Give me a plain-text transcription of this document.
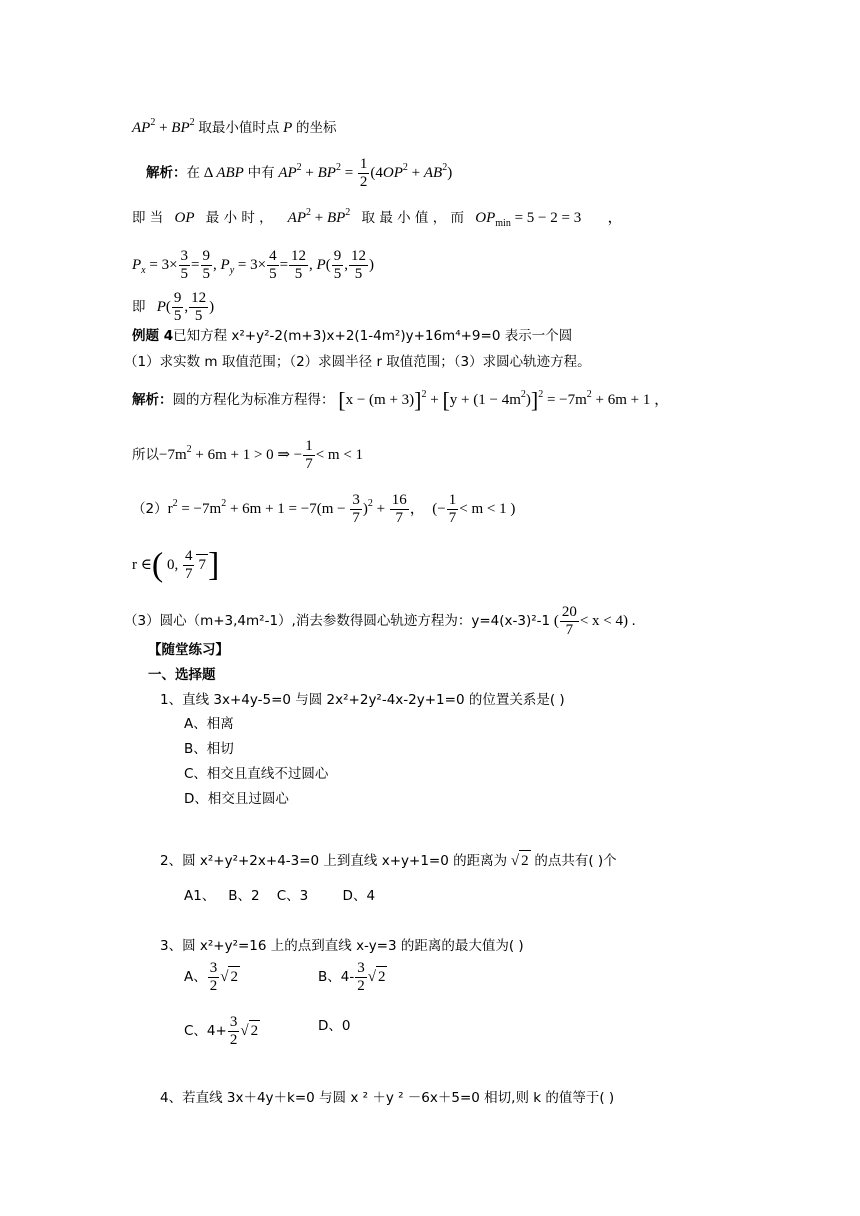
$AP^2 + BP^2$ 取最小值时点 P 的坐标
解析：在 Δ ABP 中有 $AP^2 + BP^2 = \frac{1}{2} (4OP^2 + AB^2)$
即 当 OP 最 小 时 ， $AP^2 + BP^2$ 取 最 小 值 ， 而 $OP_{min} = 5 - 2 = 3$       ，
$P_x = 3\times \frac{3}{5} = \frac{9}{5}$ , $P_y = 3\times \frac{4}{5} = \frac{12}{5}$ , $P( \frac{9}{5}$ , $\frac{12}{5}$ )
即 $P( \frac{9}{5}$ , $\frac{12}{5}$ )
例题 4已知方程 x²+y²-2(m+3)x+2(1-4m²)y+16m⁴+9=0 表示一个圆
（1）求实数 m 取值范围；（2）求圆半径 r 取值范围；（3）求圆心轨迹方程。
解析：圆的方程化为标准方程得： $[x - (m + 3)]^2 + [y + (1 - 4m^2)]^2 = -7m^2 + 6m + 1$ ，
所以$-7m^2 + 6m + 1 > 0$ ⇒ − $\frac{1}{7} < m < 1$
$(2)r^2 = -7m^2 + 6m + 1 = -7(m - \frac{3}{7} )^2 + \frac{16}{7}$ ，  (− $\frac{1}{7} < m < 1$ )
r ∈( 0, $\frac{4}{7} 7$]
（3）圆心（m+3,4m²-1）,消去参数得圆心轨迹方程为：y=4(x-3)²-1 ( $\frac{20}{7} < x < 4$) .
【随堂练习】
一、选择题
1、直线 3x+4y-5=0 与圆 2x²+2y²-4x-2y+1=0 的位置关系是( )
A、相离
B、相切
C、相交且直线不过圆心
D、相交且过圆心
2、圆 x²+y²+2x+4-3=0 上到直线 x+y+1=0 的距离为 √ 2 的点共有( )个
A1、   B、2    C、3        D、4
3、圆 x²+y²=16 上的点到直线 x-y=3 的距离的最大值为( )
A、 $\frac{3}{2}$ √ 2	B、$4- \frac{3}{2}$ √ 2
C、$4+ \frac{3}{2}$ √ 2	D、0
4、若直线 3x＋4y＋k=0 与圆 x ² ＋y ² －6x＋5=0 相切,则 k 的值等于( )
